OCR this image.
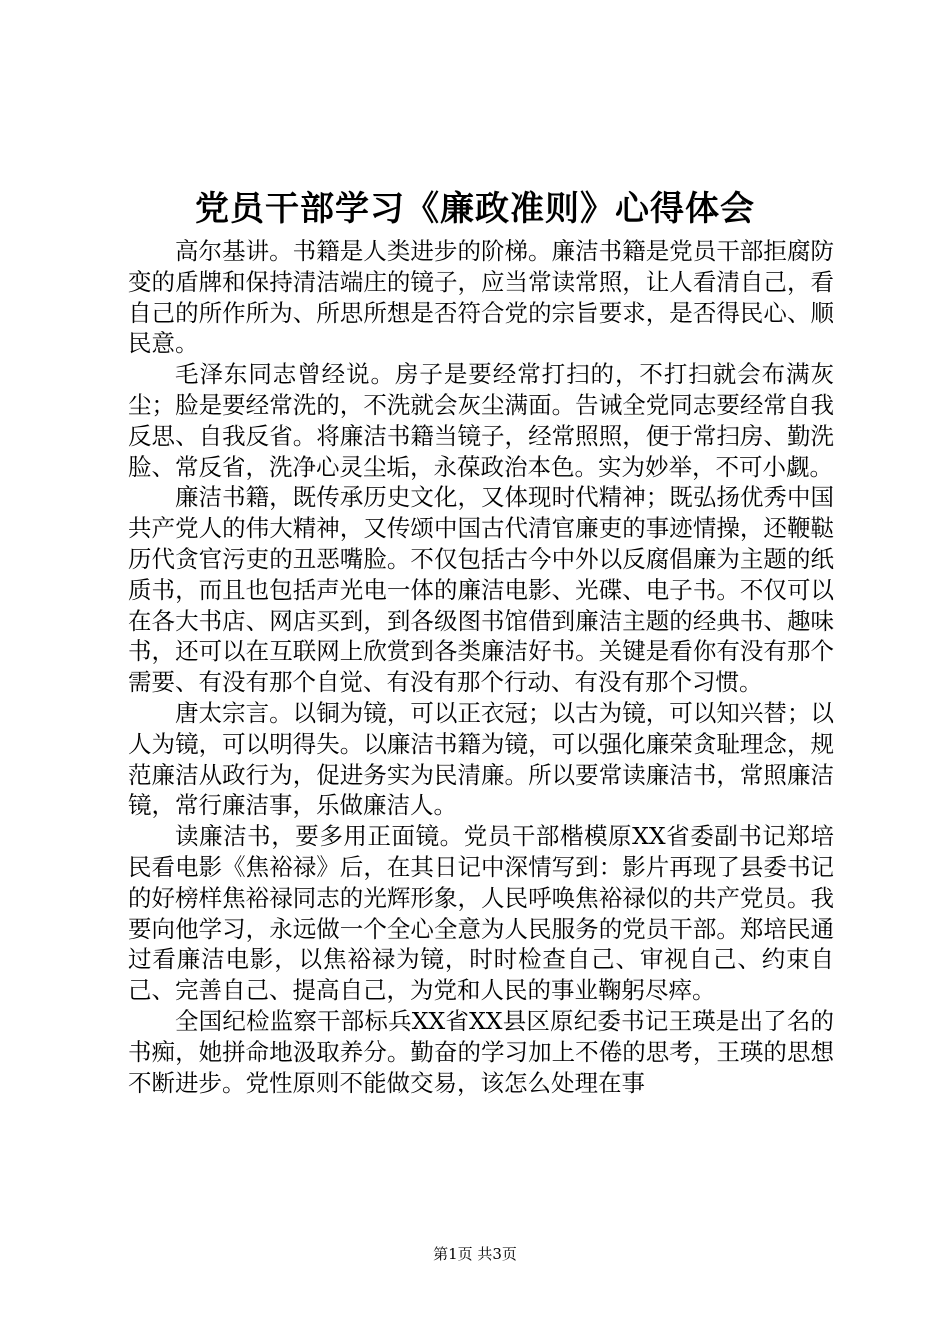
党员干部学习《廉政准则》心得体会

高尔基讲。书籍是人类进步的阶梯。廉洁书籍是党员干部拒腐防变的盾牌和保持清洁端庄的镜子，应当常读常照，让人看清自己，看自己的所作所为、所思所想是否符合党的宗旨要求，是否得民心、顺民意。

毛泽东同志曾经说。房子是要经常打扫的，不打扫就会布满灰尘；脸是要经常洗的，不洗就会灰尘满面。告诫全党同志要经常自我反思、自我反省。将廉洁书籍当镜子，经常照照，便于常扫房、勤洗脸、常反省，洗净心灵尘垢，永葆政治本色。实为妙举，不可小觑。

廉洁书籍，既传承历史文化，又体现时代精神；既弘扬优秀中国共产党人的伟大精神，又传颂中国古代清官廉吏的事迹情操，还鞭鞑历代贪官污吏的丑恶嘴脸。不仅包括古今中外以反腐倡廉为主题的纸质书，而且也包括声光电一体的廉洁电影、光碟、电子书。不仅可以在各大书店、网店买到，到各级图书馆借到廉洁主题的经典书、趣味书，还可以在互联网上欣赏到各类廉洁好书。关键是看你有没有那个需要、有没有那个自觉、有没有那个行动、有没有那个习惯。

唐太宗言。以铜为镜，可以正衣冠；以古为镜，可以知兴替；以人为镜，可以明得失。以廉洁书籍为镜，可以强化廉荣贪耻理念，规范廉洁从政行为，促进务实为民清廉。所以要常读廉洁书，常照廉洁镜，常行廉洁事，乐做廉洁人。

读廉洁书，要多用正面镜。党员干部楷模原XX省委副书记郑培民看电影《焦裕禄》后，在其日记中深情写到：影片再现了县委书记的好榜样焦裕禄同志的光辉形象，人民呼唤焦裕禄似的共产党员。我要向他学习，永远做一个全心全意为人民服务的党员干部。郑培民通过看廉洁电影，以焦裕禄为镜，时时检查自己、审视自己、约束自己、完善自己、提高自己，为党和人民的事业鞠躬尽瘁。

全国纪检监察干部标兵XX省XX县区原纪委书记王瑛是出了名的书痴，她拼命地汲取养分。勤奋的学习加上不倦的思考，王瑛的思想不断进步。党性原则不能做交易，该怎么处理在事

第1页 共3页
